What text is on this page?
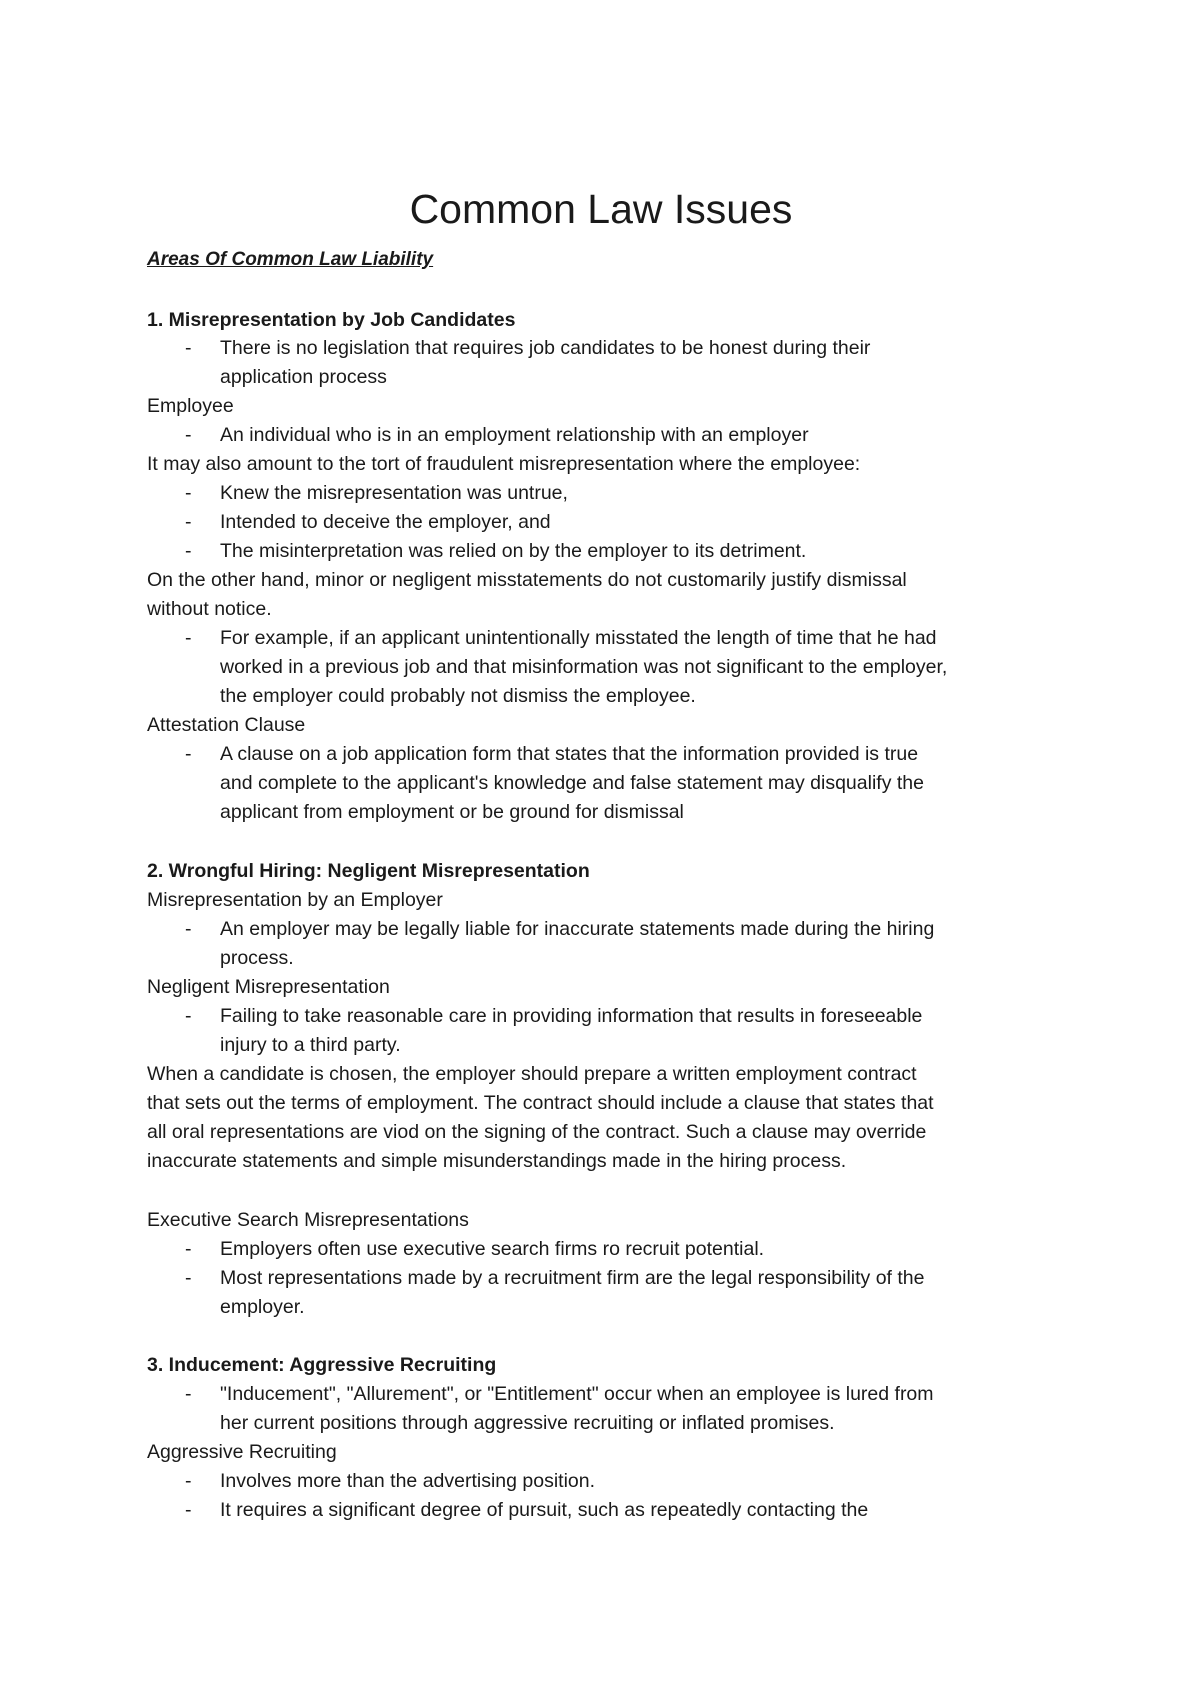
Common Law Issues
Areas Of Common Law Liability
1. Misrepresentation by Job Candidates
- There is no legislation that requires job candidates to be honest during their
application process
Employee
- An individual who is in an employment relationship with an employer
It may also amount to the tort of fraudulent misrepresentation where the employee:
- Knew the misrepresentation was untrue,
- Intended to deceive the employer, and
- The misinterpretation was relied on by the employer to its detriment.
On the other hand, minor or negligent misstatements do not customarily justify dismissal
without notice.
- For example, if an applicant unintentionally misstated the length of time that he had
worked in a previous job and that misinformation was not significant to the employer,
the employer could probably not dismiss the employee.
Attestation Clause
- A clause on a job application form that states that the information provided is true
and complete to the applicant's knowledge and false statement may disqualify the
applicant from employment or be ground for dismissal
2. Wrongful Hiring: Negligent Misrepresentation
Misrepresentation by an Employer
- An employer may be legally liable for inaccurate statements made during the hiring
process.
Negligent Misrepresentation
- Failing to take reasonable care in providing information that results in foreseeable
injury to a third party.
When a candidate is chosen, the employer should prepare a written employment contract
that sets out the terms of employment. The contract should include a clause that states that
all oral representations are viod on the signing of the contract. Such a clause may override
inaccurate statements and simple misunderstandings made in the hiring process.
Executive Search Misrepresentations
- Employers often use executive search firms ro recruit potential.
- Most representations made by a recruitment firm are the legal responsibility of the
employer.
3. Inducement: Aggressive Recruiting
- "Inducement", "Allurement", or "Entitlement" occur when an employee is lured from
her current positions through aggressive recruiting or inflated promises.
Aggressive Recruiting
- Involves more than the advertising position.
- It requires a significant degree of pursuit, such as repeatedly contacting the
